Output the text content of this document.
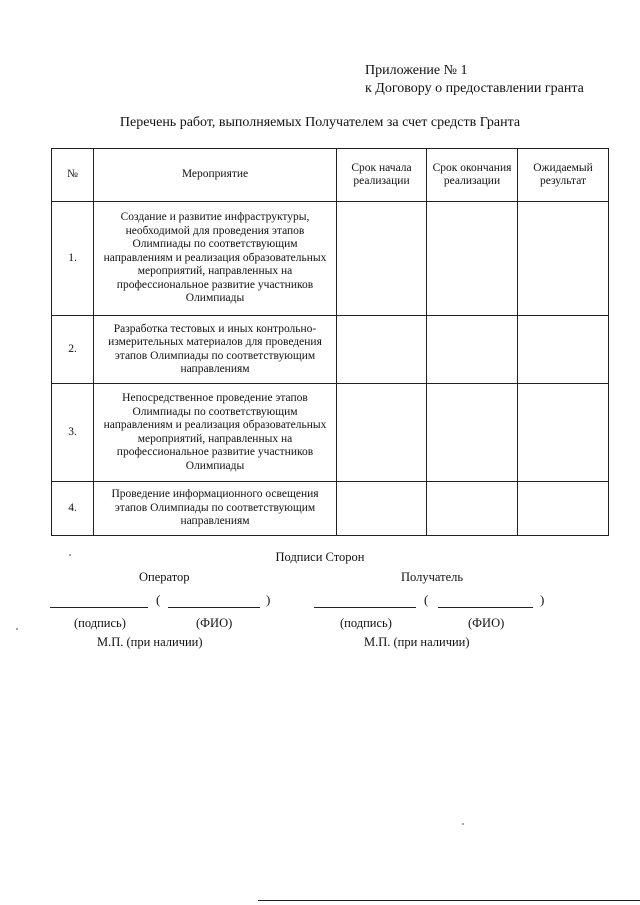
Приложение № 1
к Договору о предоставлении гранта
Перечень работ, выполняемых Получателем за счет средств Гранта
№	Мероприятие	Срок начала реализации	Срок окончания реализации	Ожидаемый результат
1.	Создание и развитие инфраструктуры, необходимой для проведения этапов Олимпиады по соответствующим направлениям и реализация образовательных мероприятий, направленных на профессиональное развитие участников Олимпиады			
2.	Разработка тестовых и иных контрольно-измерительных материалов для проведения этапов Олимпиады по соответствующим направлениям			
3.	Непосредственное проведение этапов Олимпиады по соответствующим направлениям и реализация образовательных мероприятий, направленных на профессиональное развитие участников Олимпиады			
4.	Проведение информационного освещения этапов Олимпиады по соответствующим направлениям			
Подписи Сторон
Оператор
(	)
(подпись)	(ФИО)
М.П. (при наличии)
Получатель
(	)
(подпись)	(ФИО)
М.П. (при наличии)
